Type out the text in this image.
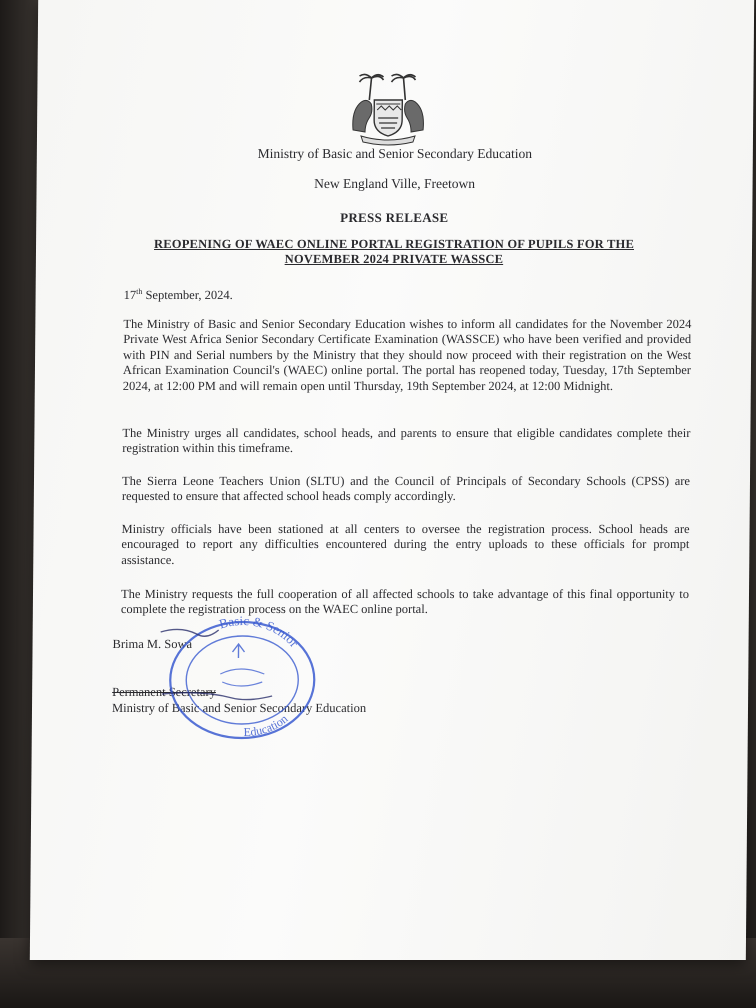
Ministry of Basic and Senior Secondary Education
New England Ville, Freetown
PRESS RELEASE
REOPENING OF WAEC ONLINE PORTAL REGISTRATION OF PUPILS FOR THE
NOVEMBER 2024 PRIVATE WASSCE
17th September, 2024.

The Ministry of Basic and Senior Secondary Education wishes to inform all candidates for the November 2024 Private West Africa Senior Secondary Certificate Examination (WASSCE) who have been verified and provided with PIN and Serial numbers by the Ministry that they should now proceed with their registration on the West African Examination Council's (WAEC) online portal. The portal has reopened today, Tuesday, 17th September 2024, at 12:00 PM and will remain open until Thursday, 19th September 2024, at 12:00 Midnight.

The Ministry urges all candidates, school heads, and parents to ensure that eligible candidates complete their registration within this timeframe.

The Sierra Leone Teachers Union (SLTU) and the Council of Principals of Secondary Schools (CPSS) are requested to ensure that affected school heads comply accordingly.

Ministry officials have been stationed at all centers to oversee the registration process. School heads are encouraged to report any difficulties encountered during the entry uploads to these officials for prompt assistance.

The Ministry requests the full cooperation of all affected schools to take advantage of this final opportunity to complete the registration process on the WAEC online portal.

Brima M. Sowa
Permanent Secretary
Ministry of Basic and Senior Secondary Education
Basic & Senior
Education
